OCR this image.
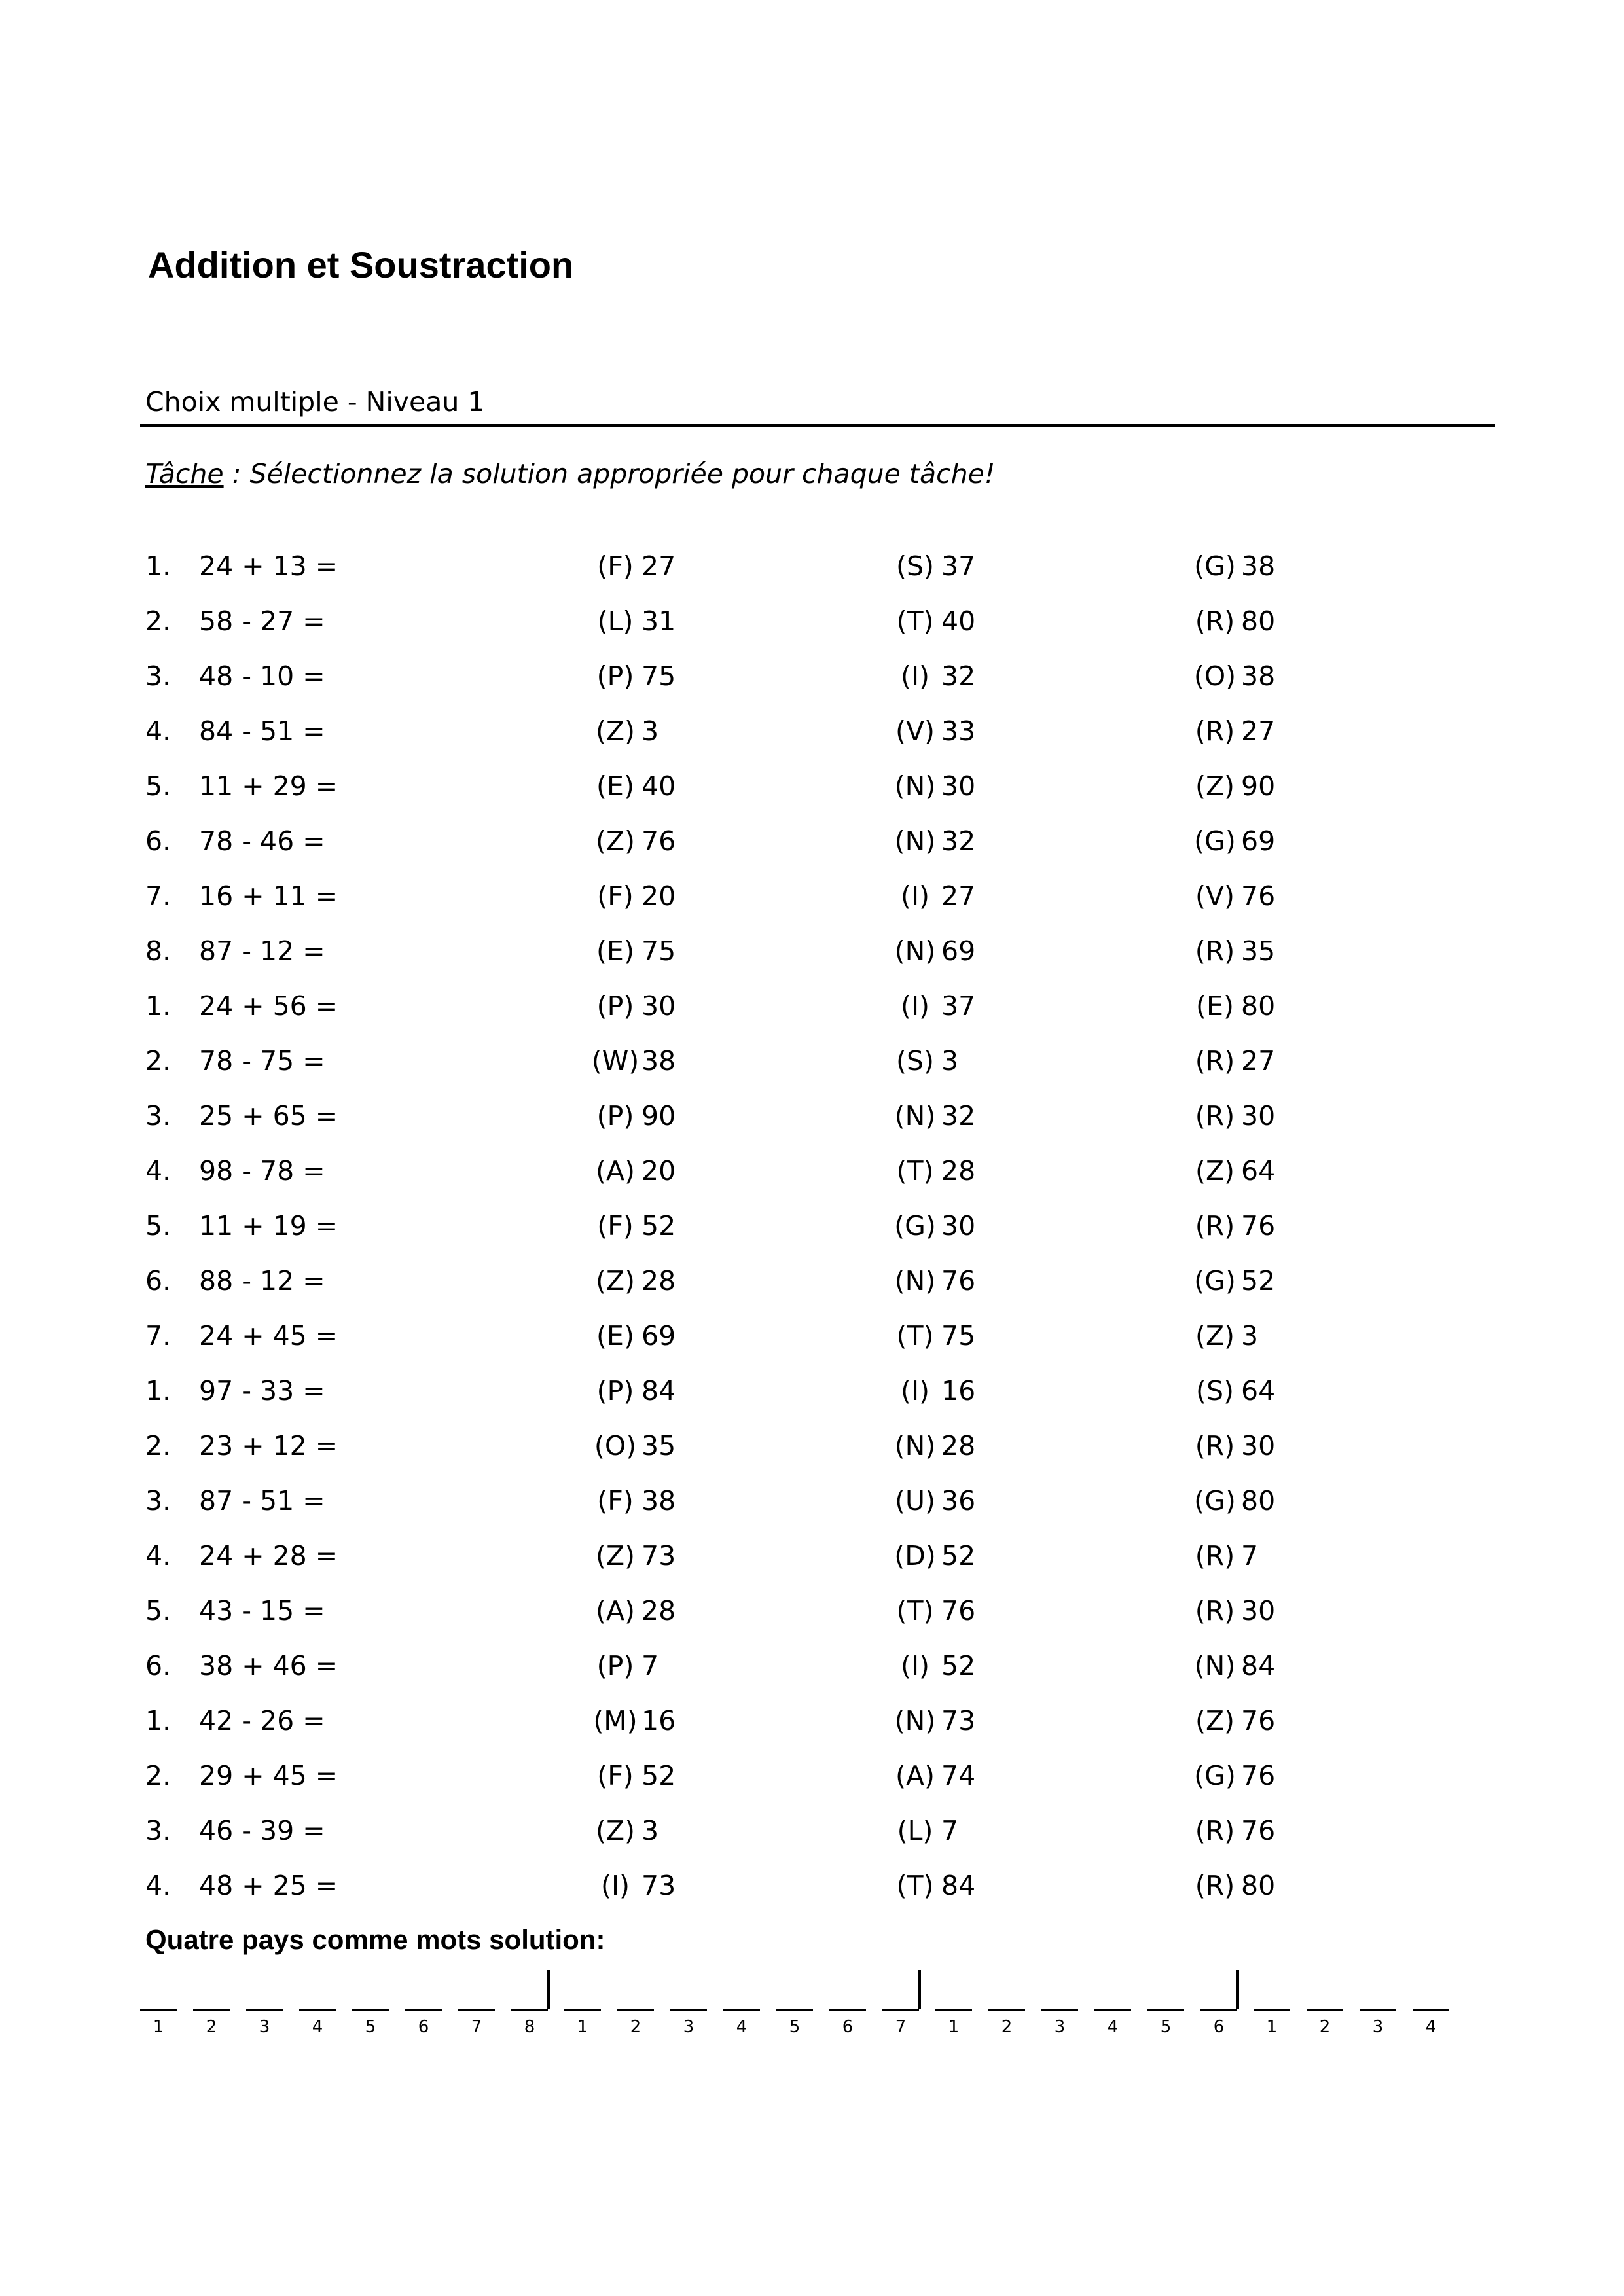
Addition et Soustraction
Choix multiple - Niveau 1
Tâche : Sélectionnez la solution appropriée pour chaque tâche!
1. 24 + 13 =	(F) 27	(S) 37	(G) 38
2. 58 - 27 =	(L) 31	(T) 40	(R) 80
3. 48 - 10 =	(P) 75	(I) 32	(O) 38
4. 84 - 51 =	(Z) 3	(V) 33	(R) 27
5. 11 + 29 =	(E) 40	(N) 30	(Z) 90
6. 78 - 46 =	(Z) 76	(N) 32	(G) 69
7. 16 + 11 =	(F) 20	(I) 27	(V) 76
8. 87 - 12 =	(E) 75	(N) 69	(R) 35
1. 24 + 56 =	(P) 30	(I) 37	(E) 80
2. 78 - 75 =	(W) 38	(S) 3	(R) 27
3. 25 + 65 =	(P) 90	(N) 32	(R) 30
4. 98 - 78 =	(A) 20	(T) 28	(Z) 64
5. 11 + 19 =	(F) 52	(G) 30	(R) 76
6. 88 - 12 =	(Z) 28	(N) 76	(G) 52
7. 24 + 45 =	(E) 69	(T) 75	(Z) 3
1. 97 - 33 =	(P) 84	(I) 16	(S) 64
2. 23 + 12 =	(O) 35	(N) 28	(R) 30
3. 87 - 51 =	(F) 38	(U) 36	(G) 80
4. 24 + 28 =	(Z) 73	(D) 52	(R) 7
5. 43 - 15 =	(A) 28	(T) 76	(R) 30
6. 38 + 46 =	(P) 7	(I) 52	(N) 84
1. 42 - 26 =	(M) 16	(N) 73	(Z) 76
2. 29 + 45 =	(F) 52	(A) 74	(G) 76
3. 46 - 39 =	(Z) 3	(L) 7	(R) 76
4. 48 + 25 =	(I) 73	(T) 84	(R) 80
Quatre pays comme mots solution:
1	2	3	4	5	6	7	8	1	2	3	4	5	6	7	1	2	3	4	5	6	1	2	3	4
